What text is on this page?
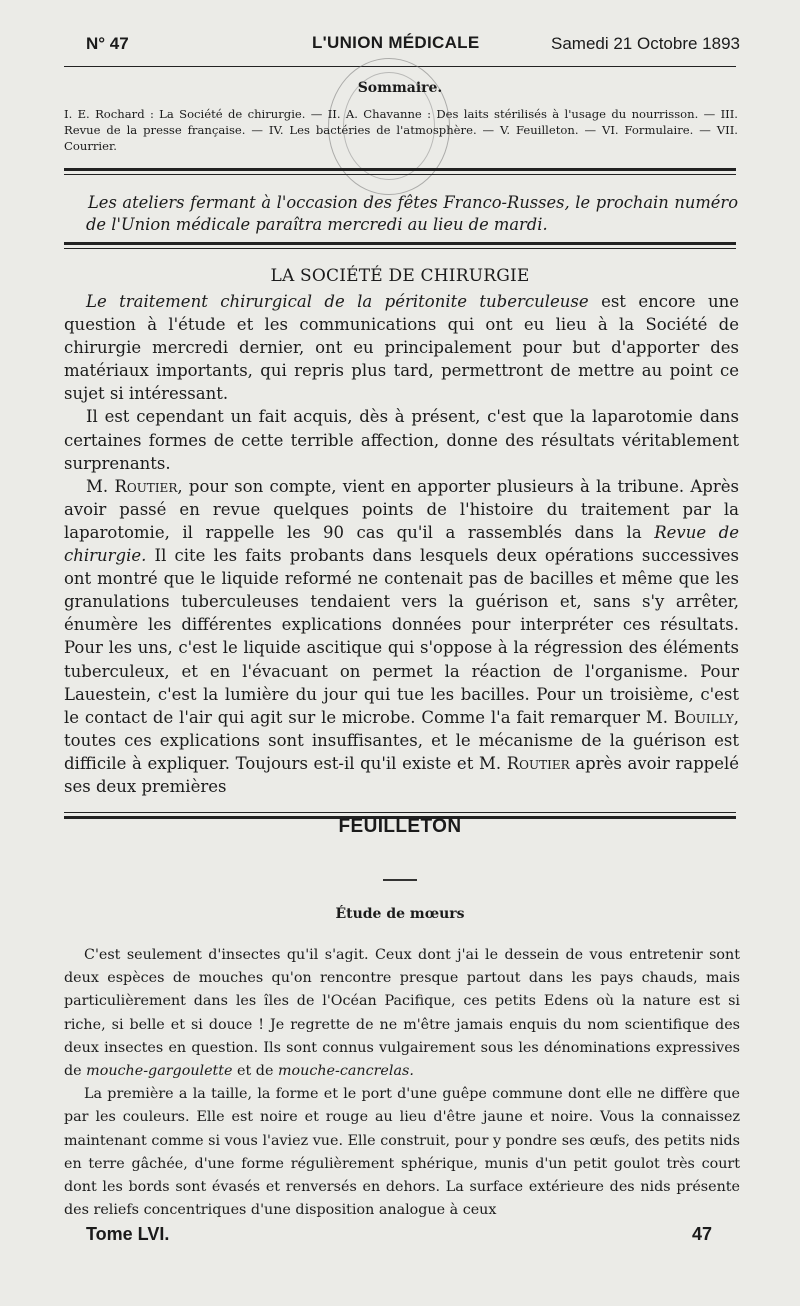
N° 47	L'UNION MÉDICALE	Samedi 21 Octobre 1893
Sommaire.
I. E. Rochard : La Société de chirurgie. — II. A. Chavanne : Des laits stérilisés à l'usage du nourrisson. — III. Revue de la presse française. — IV. Les bactéries de l'atmosphère. — V. Feuilleton. — VI. Formulaire. — VII. Courrier.
Les ateliers fermant à l'occasion des fêtes Franco-Russes, le prochain numéro de l'Union médicale paraîtra mercredi au lieu de mardi.
LA SOCIÉTÉ DE CHIRURGIE

Le traitement chirurgical de la péritonite tuberculeuse est encore une question à l'étude et les communications qui ont eu lieu à la Société de chirurgie mercredi dernier, ont eu principalement pour but d'apporter des matériaux importants, qui repris plus tard, permettront de mettre au point ce sujet si intéressant.

Il est cependant un fait acquis, dès à présent, c'est que la laparotomie dans certaines formes de cette terrible affection, donne des résultats véritablement surprenants.

M. Routier, pour son compte, vient en apporter plusieurs à la tribune. Après avoir passé en revue quelques points de l'histoire du traitement par la laparotomie, il rappelle les 90 cas qu'il a rassemblés dans la Revue de chirurgie. Il cite les faits probants dans lesquels deux opérations successives ont montré que le liquide reformé ne contenait pas de bacilles et même que les granulations tuberculeuses tendaient vers la guérison et, sans s'y arrêter, énumère les différentes explications données pour interpréter ces résultats. Pour les uns, c'est le liquide ascitique qui s'oppose à la régression des éléments tuberculeux, et en l'évacuant on permet la réaction de l'organisme. Pour Lauestein, c'est la lumière du jour qui tue les bacilles. Pour un troisième, c'est le contact de l'air qui agit sur le microbe. Comme l'a fait remarquer M. Bouilly, toutes ces explications sont insuffisantes, et le mécanisme de la guérison est difficile à expliquer. Toujours est-il qu'il existe et M. Routier après avoir rappelé ses deux premières

FEUILLETON
Étude de mœurs

C'est seulement d'insectes qu'il s'agit. Ceux dont j'ai le dessein de vous entretenir sont deux espèces de mouches qu'on rencontre presque partout dans les pays chauds, mais particulièrement dans les îles de l'Océan Pacifique, ces petits Edens où la nature est si riche, si belle et si douce ! Je regrette de ne m'être jamais enquis du nom scientifique des deux insectes en question. Ils sont connus vulgairement sous les dénominations expressives de mouche-gargoulette et de mouche-cancrelas.

La première a la taille, la forme et le port d'une guêpe commune dont elle ne diffère que par les couleurs. Elle est noire et rouge au lieu d'être jaune et noire. Vous la connaissez maintenant comme si vous l'aviez vue. Elle construit, pour y pondre ses œufs, des petits nids en terre gâchée, d'une forme régulièrement sphérique, munis d'un petit goulot très court dont les bords sont évasés et renversés en dehors. La surface extérieure des nids présente des reliefs concentriques d'une disposition analogue à ceux

Tome LVI.	47
